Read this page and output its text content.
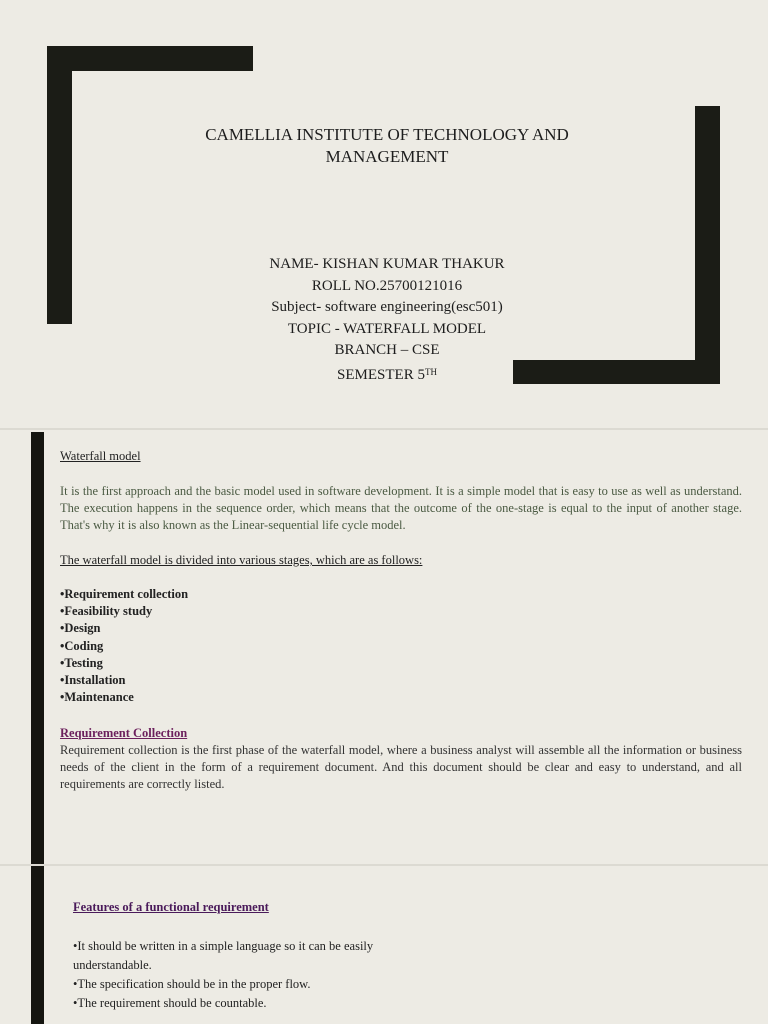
CAMELLIA INSTITUTE OF TECHNOLOGY AND
MANAGEMENT
NAME- KISHAN KUMAR THAKUR
ROLL NO.25700121016
Subject- software engineering(esc501)
TOPIC - WATERFALL MODEL
BRANCH – CSE
SEMESTER 5TH
Waterfall model
It is the first approach and the basic model used in software development. It is a simple model that is easy to use as well as understand. The execution happens in the sequence order, which means that the outcome of the one-stage is equal to the input of another stage. That's why it is also known as the Linear-sequential life cycle model.
The waterfall model is divided into various stages, which are as follows:
•Requirement collection
•Feasibility study
•Design
•Coding
•Testing
•Installation
•Maintenance
Requirement Collection
Requirement collection is the first phase of the waterfall model, where a business analyst will assemble all the information or business needs of the client in the form of a requirement document. And this document should be clear and easy to understand, and all requirements are correctly listed.
Features of a functional requirement
•It should be written in a simple language so it can be easily understandable.
•The specification should be in the proper flow.
•The requirement should be countable.
